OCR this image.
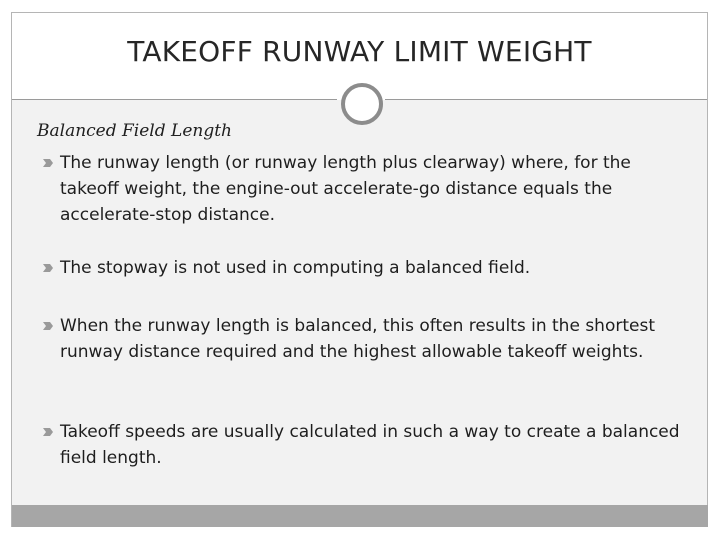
TAKEOFF RUNWAY LIMIT WEIGHT
Balanced Field Length
The runway length (or runway length plus clearway) where, for the takeoff weight, the engine-out accelerate-go distance equals the accelerate-stop distance.
The stopway is not used in computing a balanced field.
When the runway length is balanced, this often results in the shortest runway distance required and the highest allowable takeoff weights.
Takeoff speeds are usually calculated in such a way to create a balanced field length.
